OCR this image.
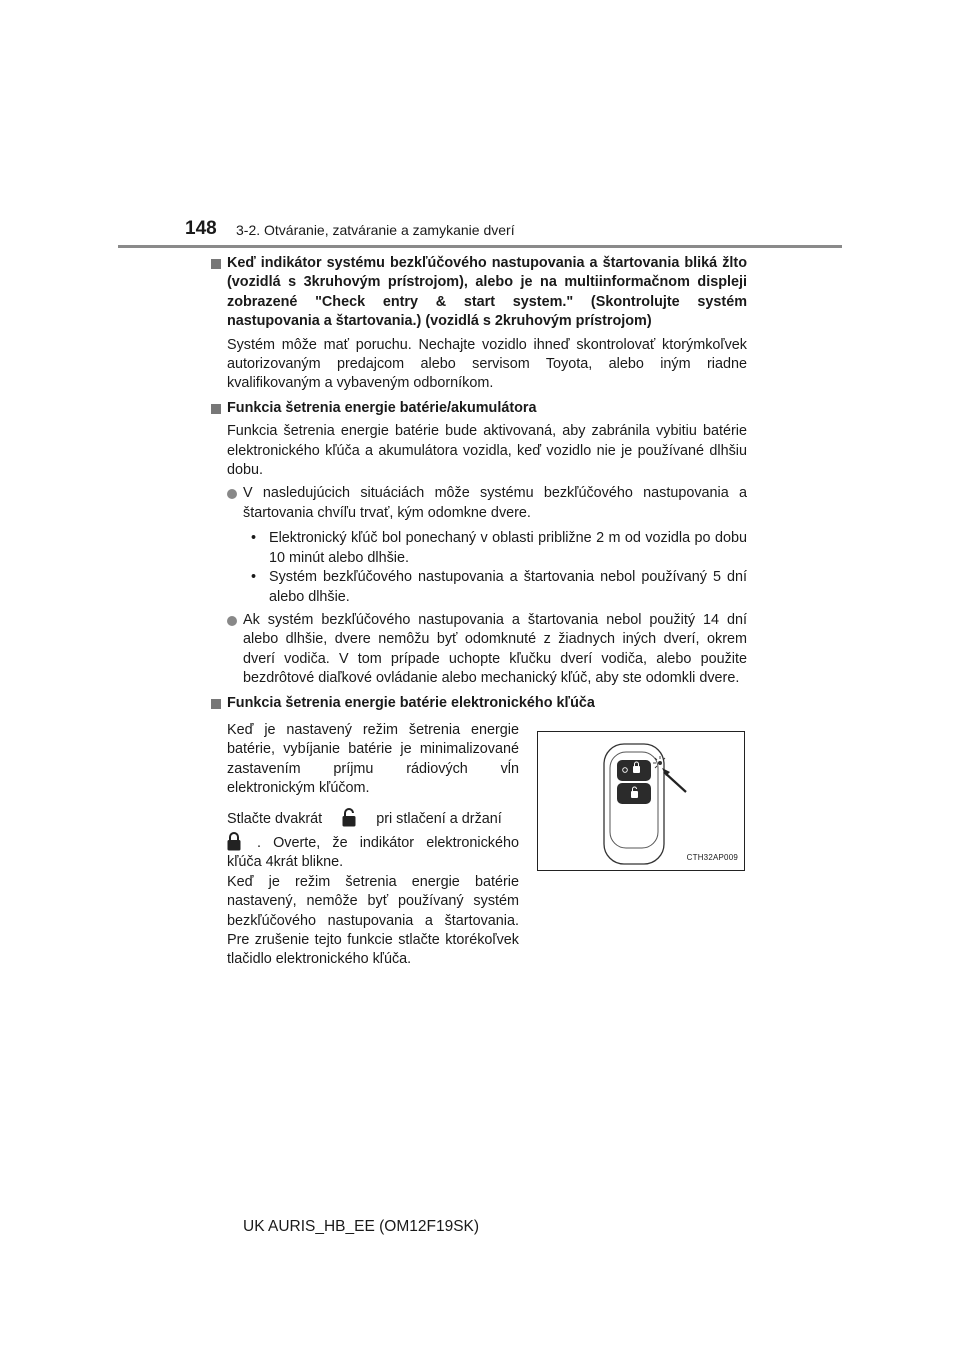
148 3-2. Otváranie, zatváranie a zamykanie dverí
Keď indikátor systému bezkľúčového nastupovania a štartovania bliká žlto (vozidlá s 3kruhovým prístrojom), alebo je na multiinformačnom displeji zobrazené "Check entry & start system." (Skontrolujte systém nastupovania a štartovania.) (vozidlá s 2kruhovým prístrojom)
Systém môže mať poruchu. Nechajte vozidlo ihneď skontrolovať ktorýmkoľvek autorizovaným predajcom alebo servisom Toyota, alebo iným riadne kvalifikovaným a vybaveným odborníkom.
Funkcia šetrenia energie batérie/akumulátora
Funkcia šetrenia energie batérie bude aktivovaná, aby zabránila vybitiu batérie elektronického kľúča a akumulátora vozidla, keď vozidlo nie je používané dlhšiu dobu.
V nasledujúcich situáciách môže systému bezkľúčového nastupovania a štartovania chvíľu trvať, kým odomkne dvere.
• Elektronický kľúč bol ponechaný v oblasti približne 2 m od vozidla po dobu 10 minút alebo dlhšie.
• Systém bezkľúčového nastupovania a štartovania nebol používaný 5 dní alebo dlhšie.
Ak systém bezkľúčového nastupovania a štartovania nebol použitý 14 dní alebo dlhšie, dvere nemôžu byť odomknuté z žiadnych iných dverí, okrem dverí vodiča. V tom prípade uchopte kľučku dverí vodiča, alebo použite bezdrôtové diaľkové ovládanie alebo mechanický kľúč, aby ste odomkli dvere.
Funkcia šetrenia energie batérie elektronického kľúča

Keď je nastavený režim šetrenia energie batérie, vybíjanie batérie je minimalizované zastavením príjmu rádiových vĺn elektronickým kľúčom.

Stlačte dvakrát	pri stlačení a držaní

. Overte, že indikátor elektronického kľúča 4krát blikne.
Keď je režim šetrenia energie batérie nastavený, nemôže byť používaný systém bezkľúčového nastupovania a štartovania. Pre zrušenie tejto funkcie stlačte ktorékoľvek tlačidlo elektronického kľúča.

CTH32AP009
UK AURIS_HB_EE (OM12F19SK)
